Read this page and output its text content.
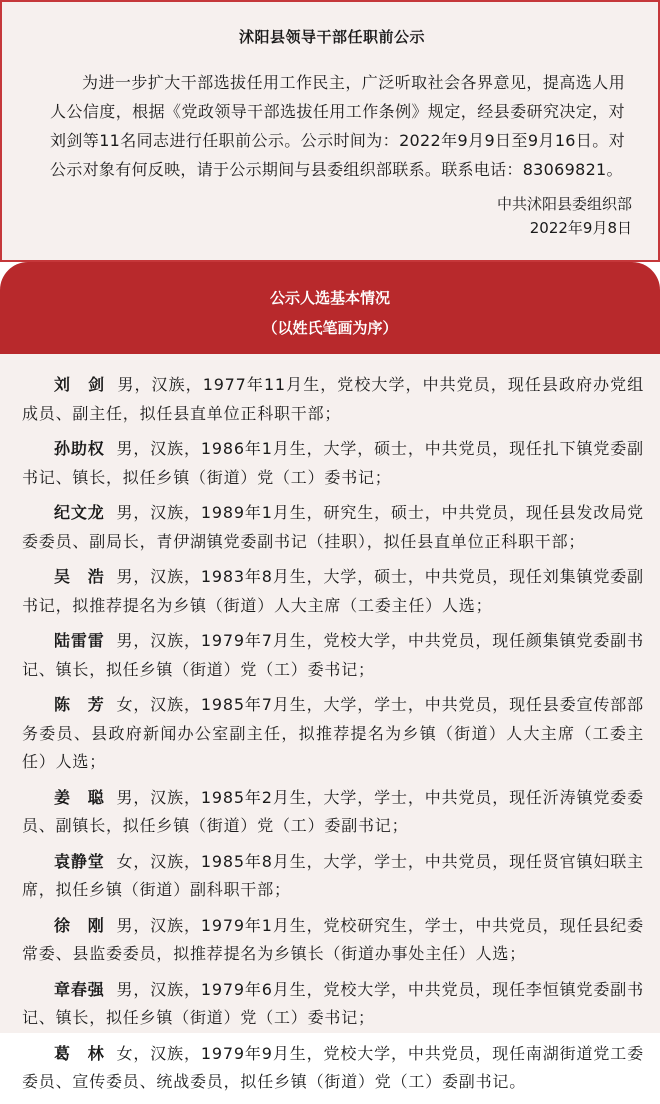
沭阳县领导干部任职前公示
为进一步扩大干部选拔任用工作民主，广泛听取社会各界意见，提高选人用人公信度，根据《党政领导干部选拔任用工作条例》规定，经县委研究决定，对刘剑等11名同志进行任职前公示。公示时间为：2022年9月9日至9月16日。对公示对象有何反映，请于公示期间与县委组织部联系。联系电话：83069821。
中共沭阳县委组织部
2022年9月8日
公示人选基本情况
（以姓氏笔画为序）
刘　剑 男，汉族，1977年11月生，党校大学，中共党员，现任县政府办党组成员、副主任，拟任县直单位正科职干部；
孙助权 男，汉族，1986年1月生，大学，硕士，中共党员，现任扎下镇党委副书记、镇长，拟任乡镇（街道）党（工）委书记；
纪文龙 男，汉族，1989年1月生，研究生，硕士，中共党员，现任县发改局党委委员、副局长，青伊湖镇党委副书记（挂职），拟任县直单位正科职干部；
吴　浩 男，汉族，1983年8月生，大学，硕士，中共党员，现任刘集镇党委副书记，拟推荐提名为乡镇（街道）人大主席（工委主任）人选；
陆雷雷 男，汉族，1979年7月生，党校大学，中共党员，现任颜集镇党委副书记、镇长，拟任乡镇（街道）党（工）委书记；
陈　芳 女，汉族，1985年7月生，大学，学士，中共党员，现任县委宣传部部务委员、县政府新闻办公室副主任，拟推荐提名为乡镇（街道）人大主席（工委主任）人选；
姜　聪 男，汉族，1985年2月生，大学，学士，中共党员，现任沂涛镇党委委员、副镇长，拟任乡镇（街道）党（工）委副书记；
袁静堂 女，汉族，1985年8月生，大学，学士，中共党员，现任贤官镇妇联主席，拟任乡镇（街道）副科职干部；
徐　刚 男，汉族，1979年1月生，党校研究生，学士，中共党员，现任县纪委常委、县监委委员，拟推荐提名为乡镇长（街道办事处主任）人选；
章春强 男，汉族，1979年6月生，党校大学，中共党员，现任李恒镇党委副书记、镇长，拟任乡镇（街道）党（工）委书记；
葛　林 女，汉族，1979年9月生，党校大学，中共党员，现任南湖街道党工委委员、宣传委员、统战委员，拟任乡镇（街道）党（工）委副书记。
